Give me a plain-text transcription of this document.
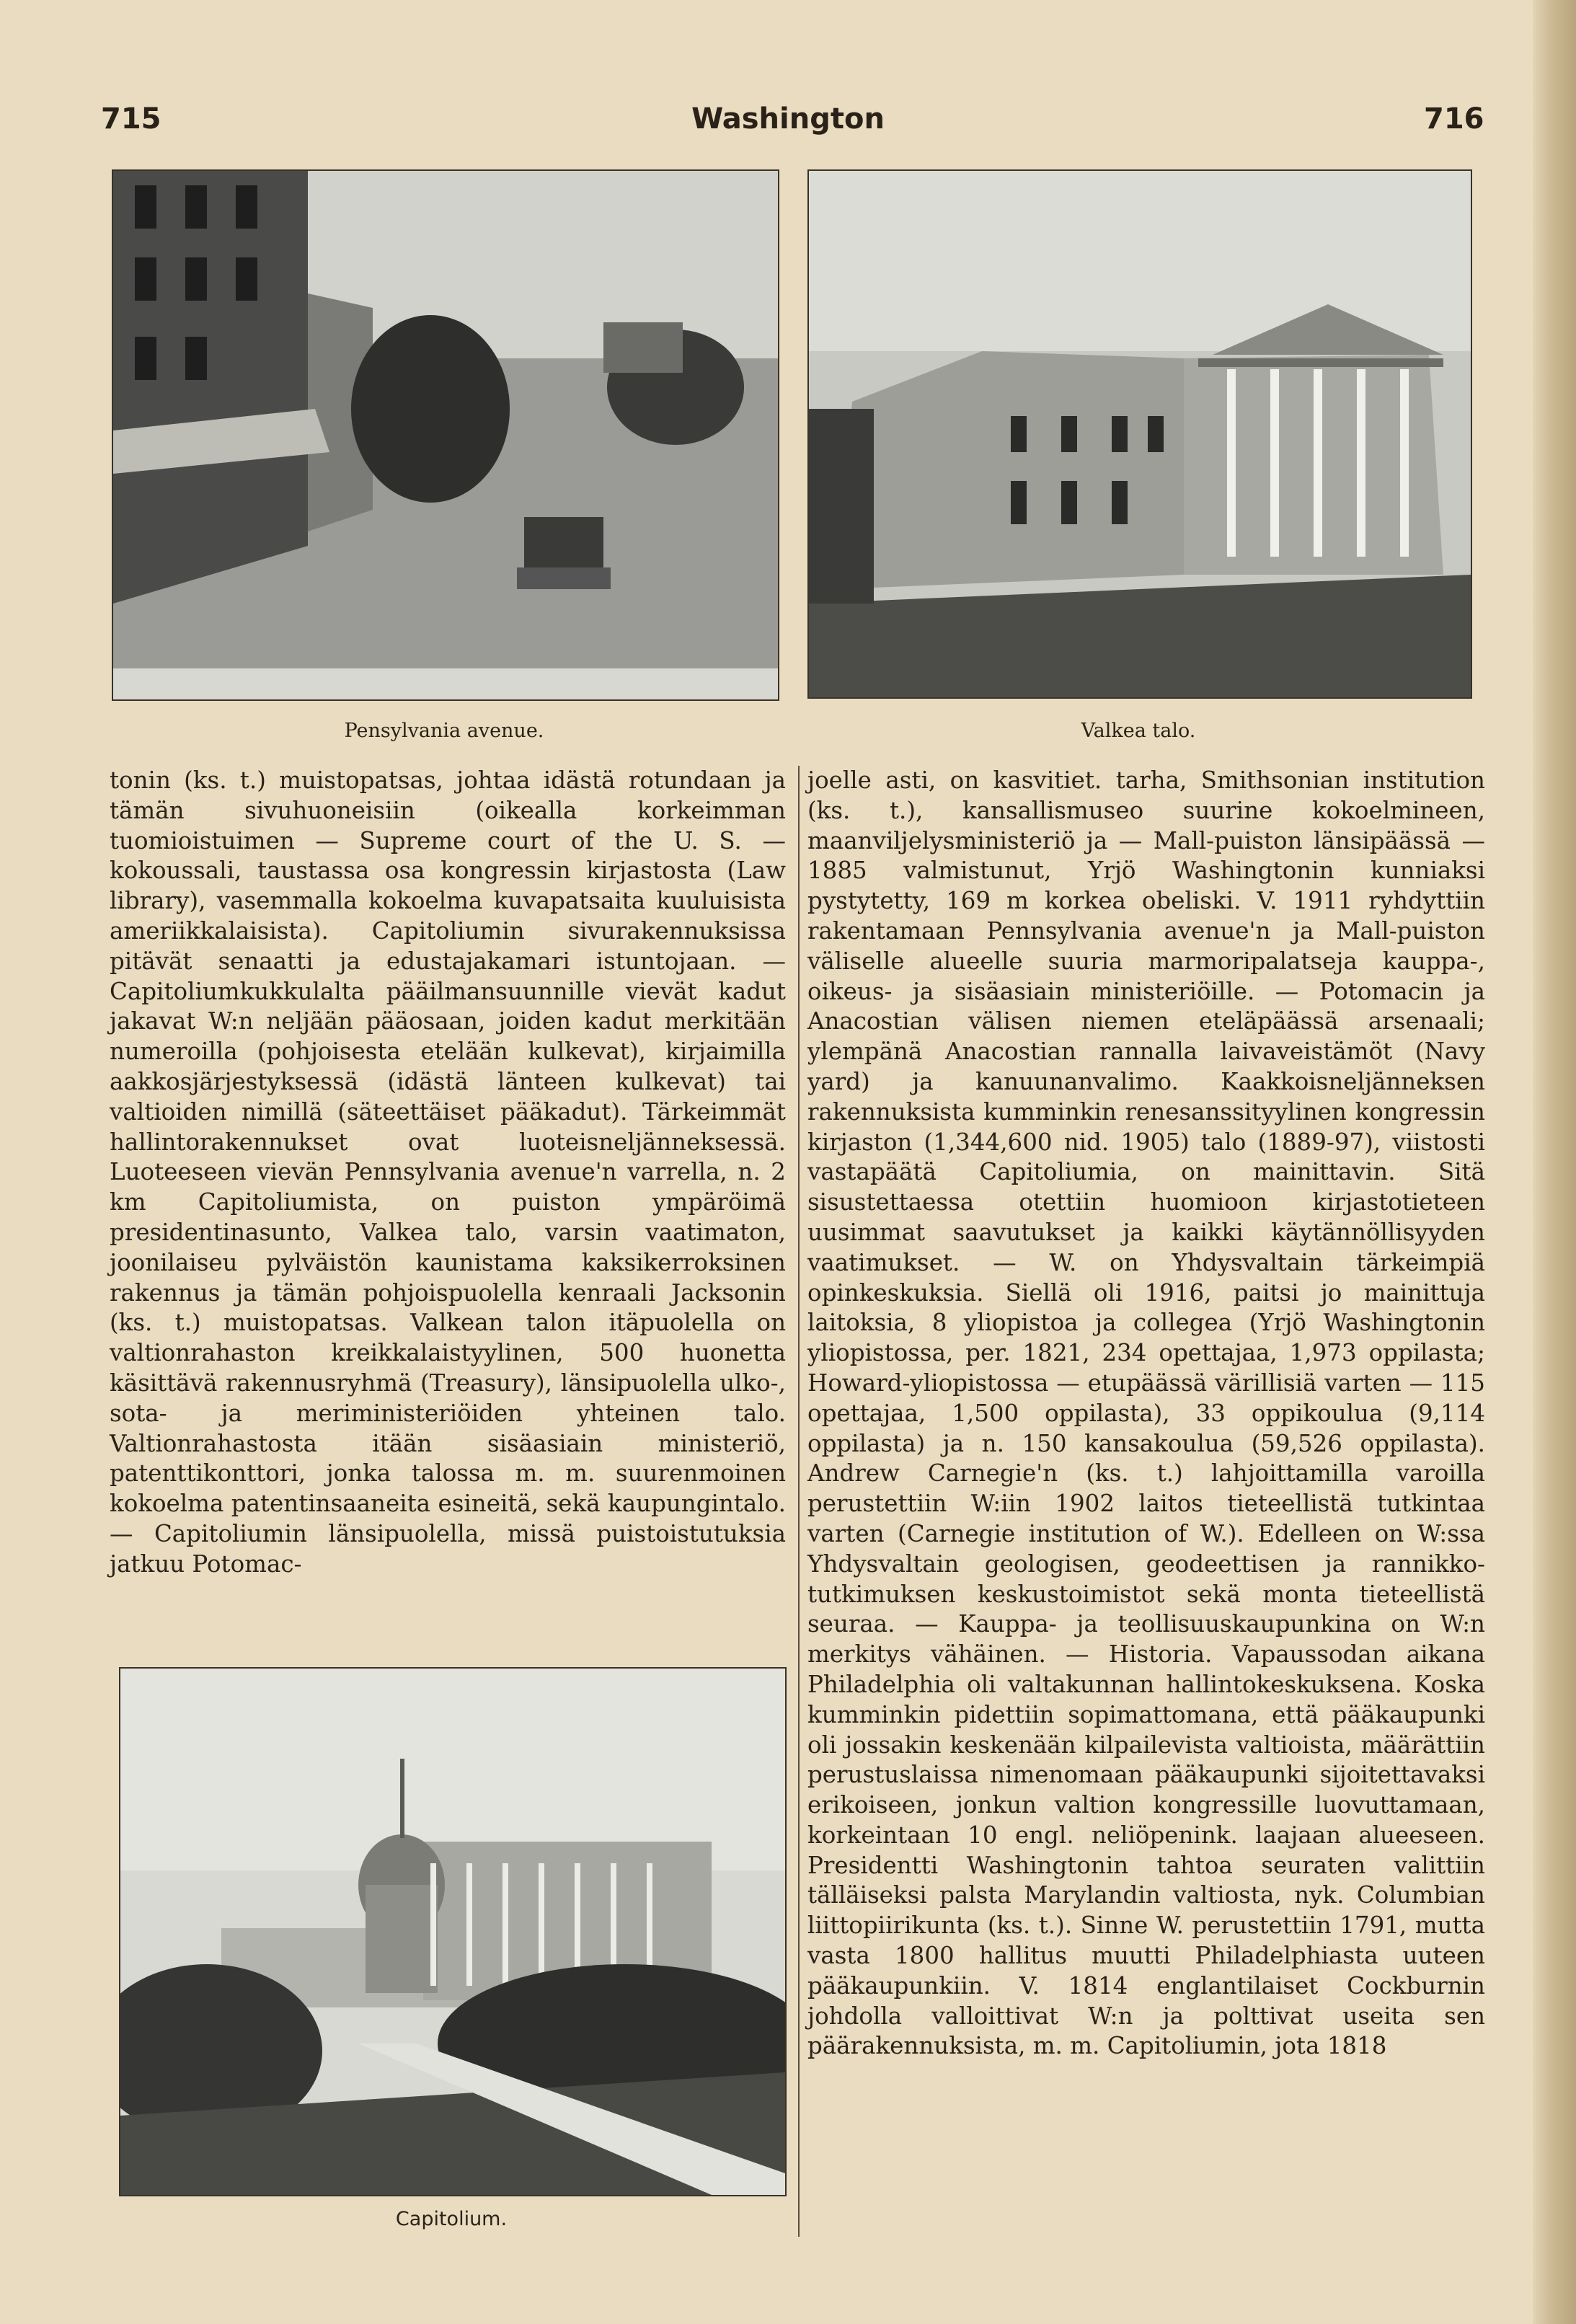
715	Washington	716
Pensylvania avenue.	Valkea talo.

tonin (ks. t.) muistopatsas, johtaa idästä rotundaan ja tämän sivuhuoneisiin (oikealla korkeimman tuomioistuimen — Supreme court of the U. S. — kokoussali, taustassa osa kongressin kirjastosta (Law library), vasemmalla kokoelma kuvapatsaita kuuluisista ameriikkalaisista). Capitoliumin sivurakennuksissa pitävät senaatti ja edustajakamari istuntojaan. — Capitoliumkukkulalta pääilmansuunnille vievät kadut jakavat W:n neljään pääosaan, joiden kadut merkitään numeroilla (pohjoisesta etelään kulkevat), kirjaimilla aakkosjärjestyksessä (idästä länteen kulkevat) tai valtioiden nimillä (säteettäiset pääkadut). Tärkeimmät hallintorakennukset ovat luoteisneljänneksessä. Luoteeseen vievän Pennsylvania avenue'n varrella, n. 2 km Capitoliumista, on puiston ympäröimä presidentinasunto, Valkea talo, varsin vaatimaton, joonilaiseu pylväistön kaunistama kaksikerroksinen rakennus ja tämän pohjoispuolella kenraali Jacksonin (ks. t.) muistopatsas. Valkean talon itäpuolella on valtionrahaston kreikkalaistyylinen, 500 huonetta käsittävä rakennusryhmä (Treasury), länsipuolella ulko-, sota- ja meriministeriöiden yhteinen talo. Valtionrahastosta itään sisäasiain ministeriö, patenttikonttori, jonka talossa m. m. suurenmoinen kokoelma patentinsaaneita esineitä, sekä kaupungintalo. — Capitoliumin länsipuolella, missä puistoistutuksia jatkuu Potomac-

joelle asti, on kasvitiet. tarha, Smithsonian institution (ks. t.), kansallismuseo suurine kokoelmineen, maanviljelysministeriö ja — Mall-puiston länsipäässä — 1885 valmistunut, Yrjö Washingtonin kunniaksi pystytetty, 169 m korkea obeliski. V. 1911 ryhdyttiin rakentamaan Pennsylvania avenue'n ja Mall-puiston väliselle alueelle suuria marmoripalatseja kauppa-, oikeus- ja sisäasiain ministeriöille. — Potomacin ja Anacostian välisen niemen eteläpäässä arsenaali; ylempänä Anacostian rannalla laivaveistämöt (Navy yard) ja kanuunanvalimo. Kaakkoisneljänneksen rakennuksista kumminkin renesanssityylinen kongressin kirjaston (1,344,600 nid. 1905) talo (1889-97), viistosti vastapäätä Capitoliumia, on mainittavin. Sitä sisustettaessa otettiin huomioon kirjastotieteen uusimmat saavutukset ja kaikki käytännöllisyyden vaatimukset. — W. on Yhdysvaltain tärkeimpiä opinkeskuksia. Siellä oli 1916, paitsi jo mainittuja laitoksia, 8 yliopistoa ja collegea (Yrjö Washingtonin yliopistossa, per. 1821, 234 opettajaa, 1,973 oppilasta; Howard-yliopistossa — etupäässä värillisiä varten — 115 opettajaa, 1,500 oppilasta), 33 oppikoulua (9,114 oppilasta) ja n. 150 kansakoulua (59,526 oppilasta). Andrew Carnegie'n (ks. t.) lahjoittamilla varoilla perustettiin W:iin 1902 laitos tieteellistä tutkintaa varten (Carnegie institution of W.). Edelleen on W:ssa Yhdysvaltain geologisen, geodeettisen ja rannikko-tutkimuksen keskustoimistot sekä monta tieteellistä seuraa. — Kauppa- ja teollisuuskaupunkina on W:n merkitys vähäinen. — Historia. Vapaussodan aikana Philadelphia oli valtakunnan hallintokeskuksena. Koska kumminkin pidettiin sopimattomana, että pääkaupunki oli jossakin keskenään kilpailevista valtioista, määrättiin perustuslaissa nimenomaan pääkaupunki sijoitettavaksi erikoiseen, jonkun valtion kongressille luovuttamaan, korkeintaan 10 engl. neliöpenink. laajaan alueeseen. Presidentti Washingtonin tahtoa seuraten valittiin tälläiseksi palsta Marylandin valtiosta, nyk. Columbian liittopiirikunta (ks. t.). Sinne W. perustettiin 1791, mutta vasta 1800 hallitus muutti Philadelphiasta uuteen pääkaupunkiin. V. 1814 englantilaiset Cockburnin johdolla valloittivat W:n ja polttivat useita sen päärakennuksista, m. m. Capitoliumin, jota 1818

Capitolium.
